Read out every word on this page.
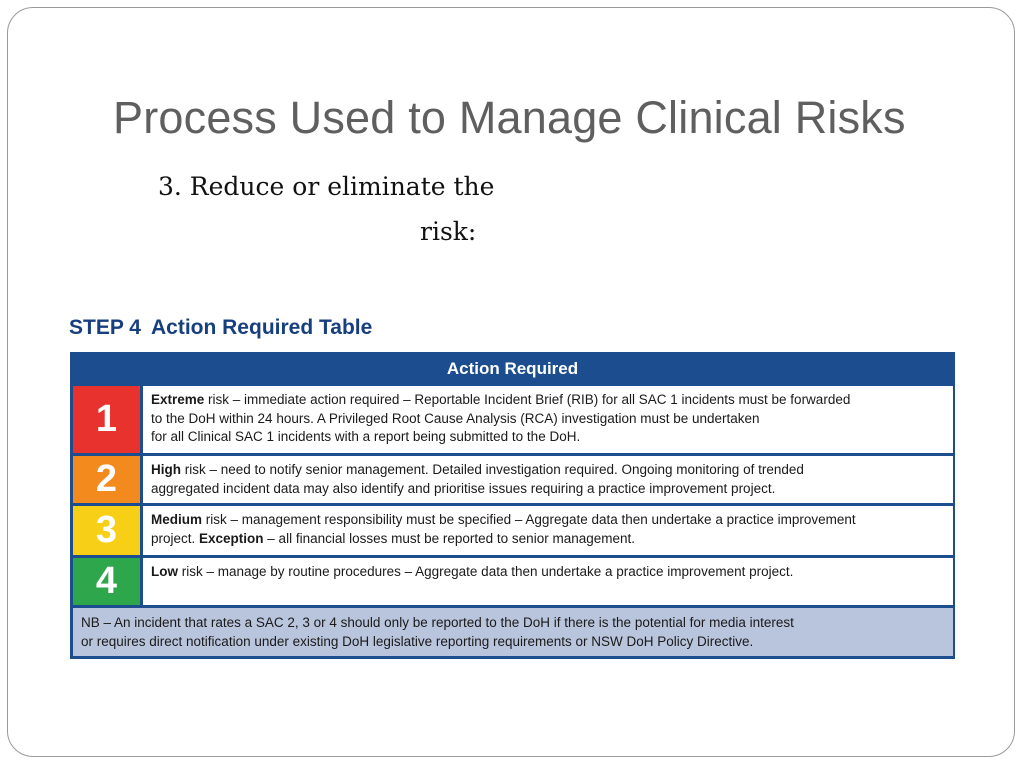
Process Used to Manage Clinical Risks
3. Reduce or eliminate the
risk:
STEP 4 Action Required Table
Action Required
1	Extreme risk – immediate action required – Reportable Incident Brief (RIB) for all SAC 1 incidents must be forwarded
to the DoH within 24 hours. A Privileged Root Cause Analysis (RCA) investigation must be undertaken
for all Clinical SAC 1 incidents with a report being submitted to the DoH.
2	High risk – need to notify senior management. Detailed investigation required. Ongoing monitoring of trended
aggregated incident data may also identify and prioritise issues requiring a practice improvement project.
3	Medium risk – management responsibility must be specified – Aggregate data then undertake a practice improvement
project. Exception – all financial losses must be reported to senior management.
4	Low risk – manage by routine procedures – Aggregate data then undertake a practice improvement project.
NB – An incident that rates a SAC 2, 3 or 4 should only be reported to the DoH if there is the potential for media interest
or requires direct notification under existing DoH legislative reporting requirements or NSW DoH Policy Directive.
